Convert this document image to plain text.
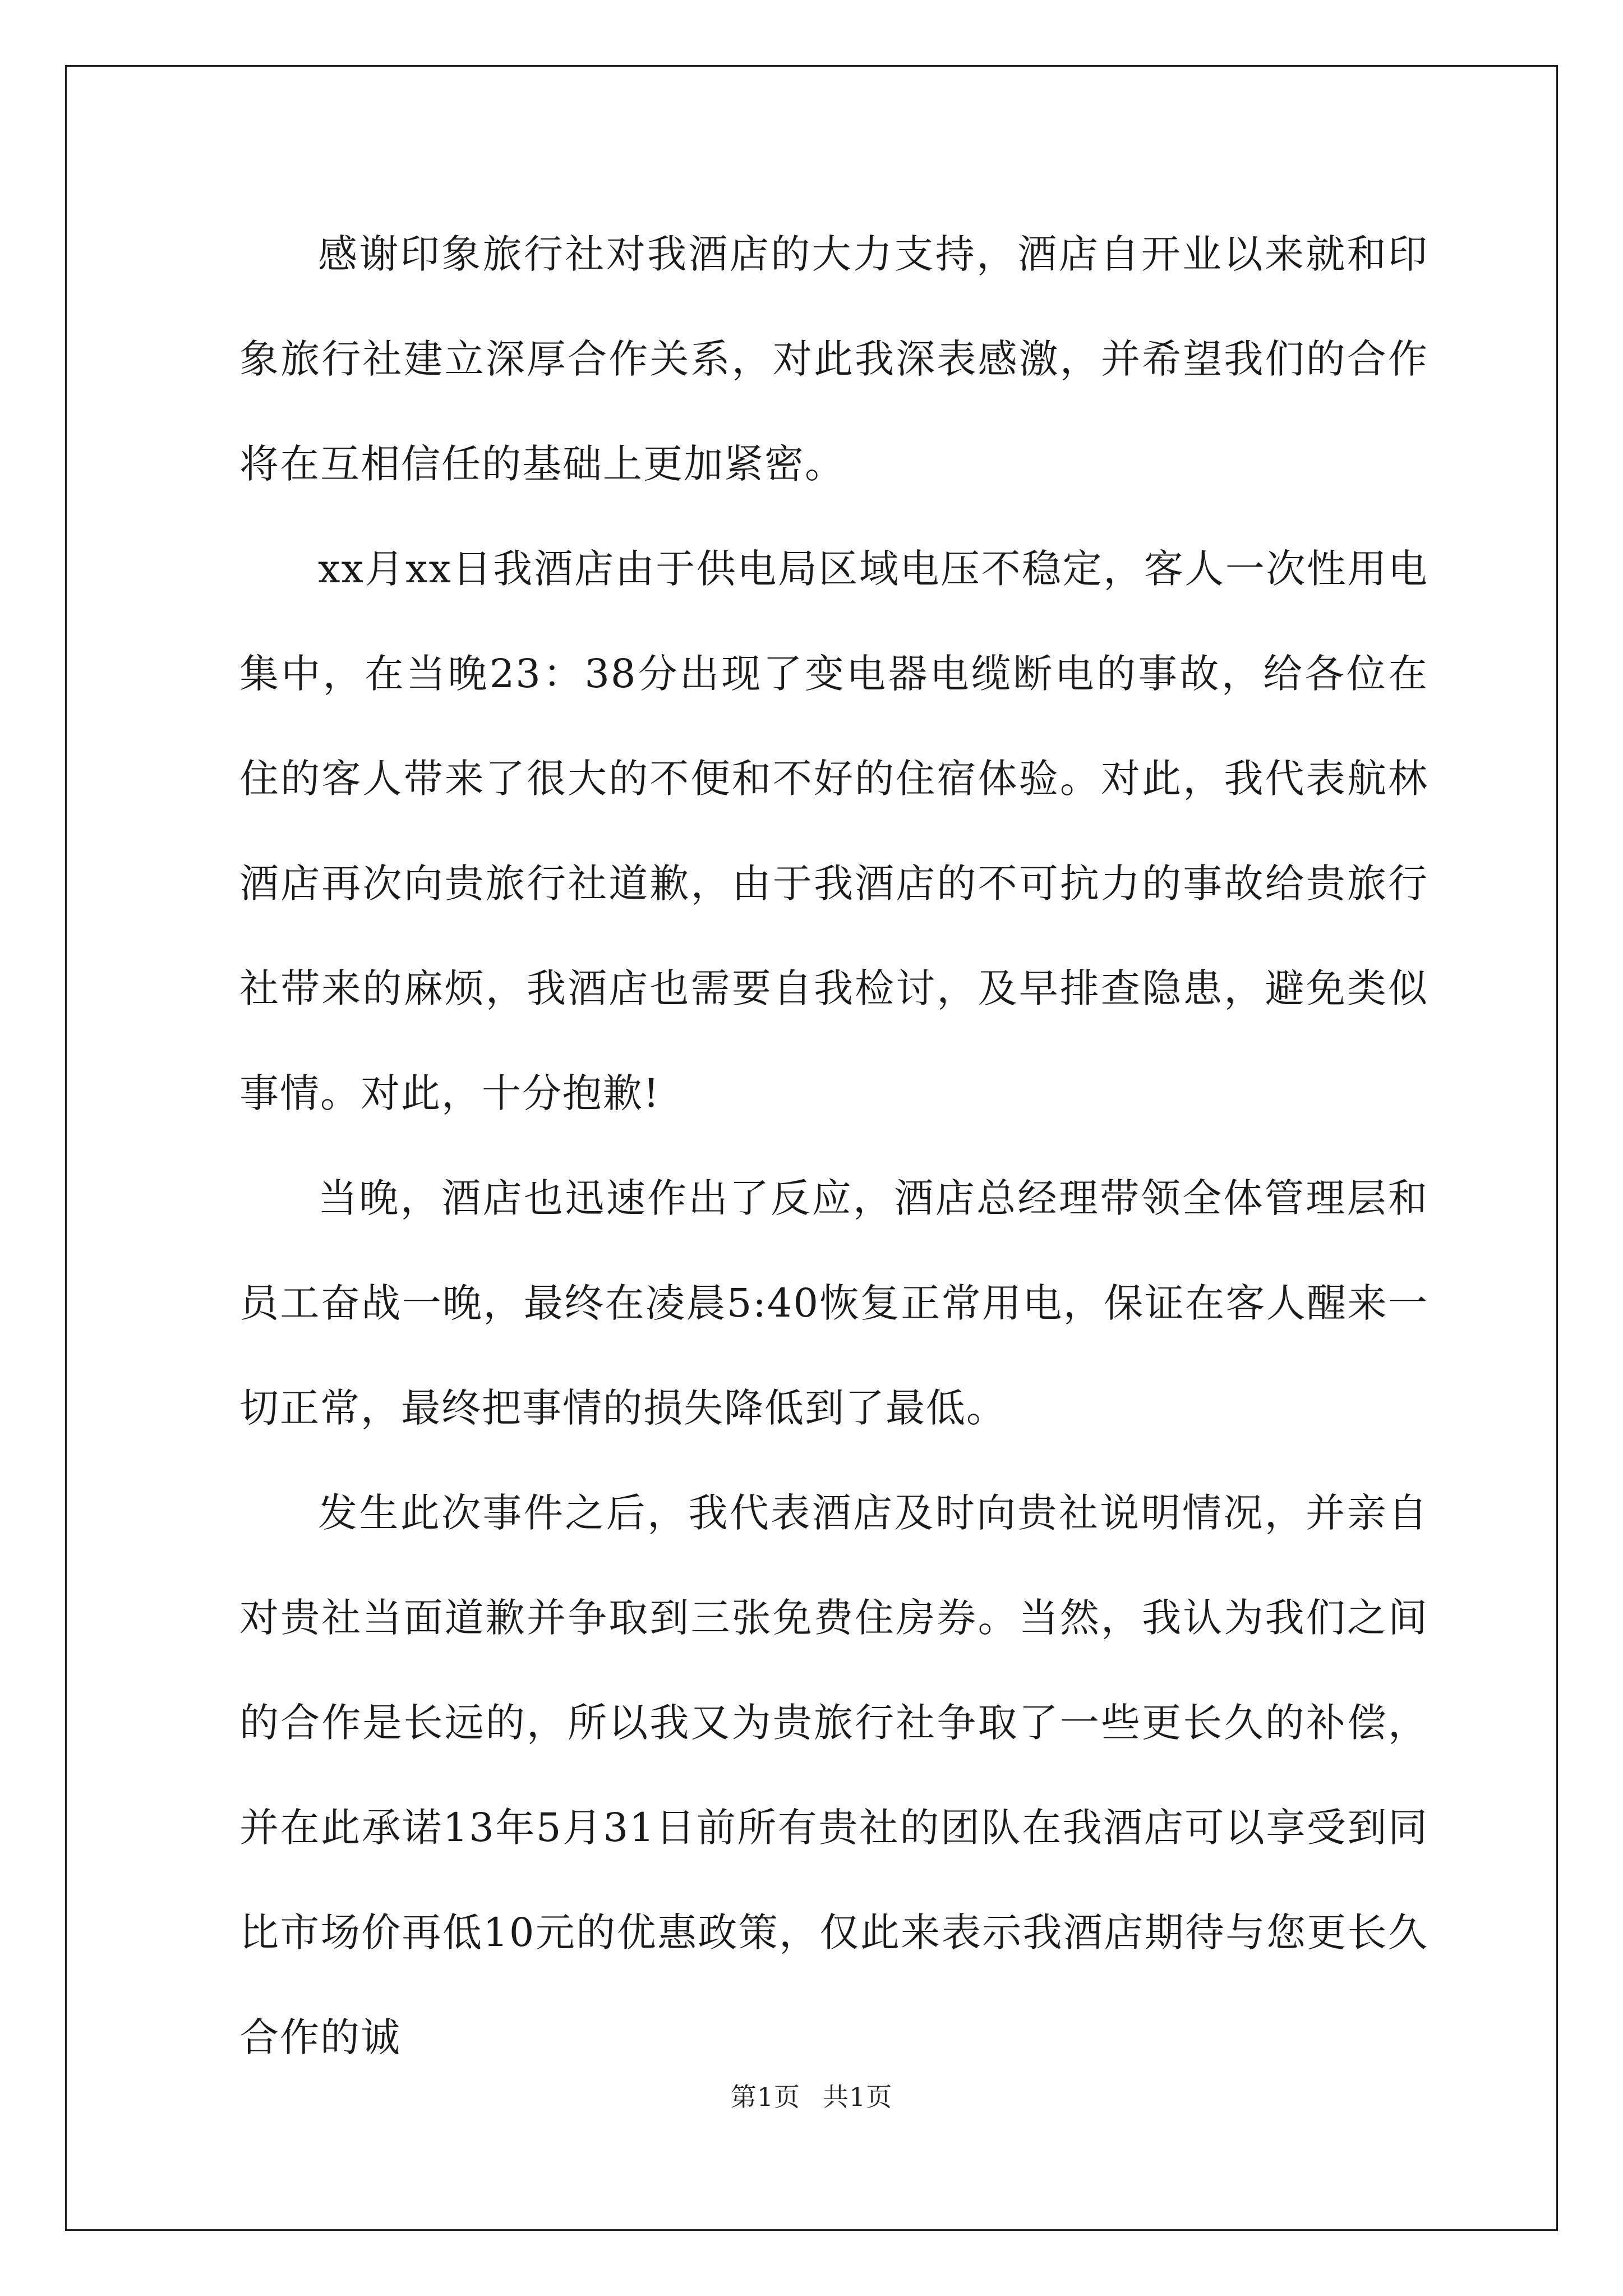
感谢印象旅行社对我酒店的大力支持，酒店自开业以来就和印象旅行社建立深厚合作关系，对此我深表感激，并希望我们的合作将在互相信任的基础上更加紧密。

xx月xx日我酒店由于供电局区域电压不稳定，客人一次性用电集中，在当晚23：38分出现了变电器电缆断电的事故，给各位在住的客人带来了很大的不便和不好的住宿体验。对此，我代表航林酒店再次向贵旅行社道歉，由于我酒店的不可抗力的事故给贵旅行社带来的麻烦，我酒店也需要自我检讨，及早排查隐患，避免类似事情。对此，十分抱歉!

当晚，酒店也迅速作出了反应，酒店总经理带领全体管理层和员工奋战一晚，最终在凌晨5:40恢复正常用电，保证在客人醒来一切正常，最终把事情的损失降低到了最低。

发生此次事件之后，我代表酒店及时向贵社说明情况，并亲自对贵社当面道歉并争取到三张免费住房券。当然，我认为我们之间的合作是长远的，所以我又为贵旅行社争取了一些更长久的补偿，并在此承诺13年5月31日前所有贵社的团队在我酒店可以享受到同比市场价再低10元的优惠政策，仅此来表示我酒店期待与您更长久合作的诚

第1页 共1页
